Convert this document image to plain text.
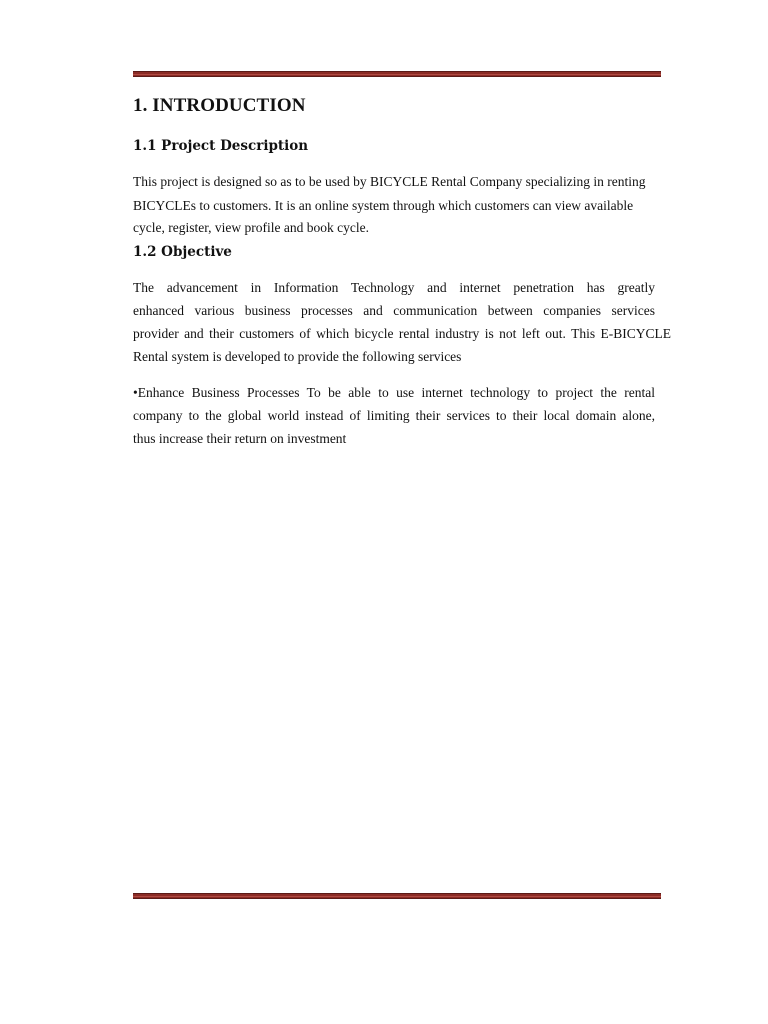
1. INTRODUCTION
1.1 Project Description

This project is designed so as to be used by BICYCLE Rental Company specializing in renting
BICYCLEs to customers. It is an online system through which customers can view available
cycle, register, view profile and book cycle.

1.2 Objective

The advancement in Information Technology and internet penetration has greatly
enhanced various business processes and communication between companies services
provider and their customers of which bicycle rental industry is not left out. This E-BICYCLE
Rental system is developed to provide the following services

•Enhance Business Processes To be able to use internet technology to project the rental
company to the global world instead of limiting their services to their local domain alone,
thus increase their return on investment
